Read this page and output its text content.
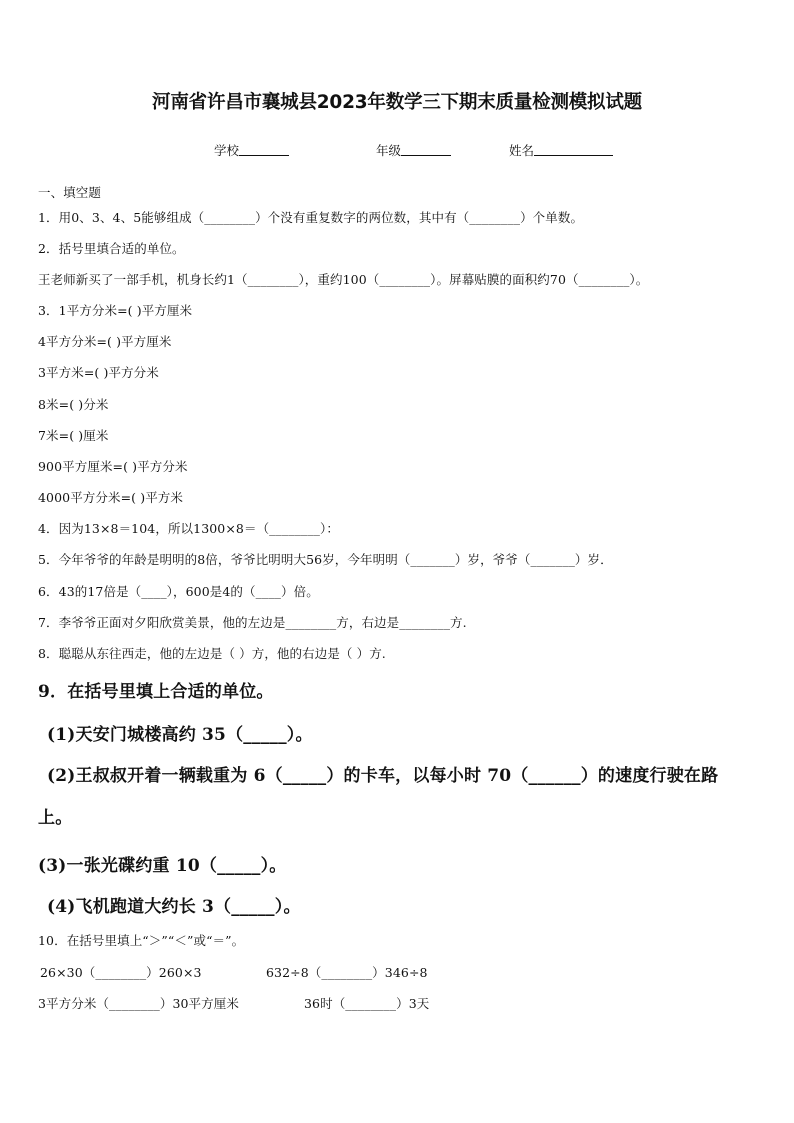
河南省许昌市襄城县2023年数学三下期末质量检测模拟试题
学校	年级	姓名
一、填空题
1．用0、3、4、5能够组成（________）个没有重复数字的两位数，其中有（________）个单数。
2．括号里填合适的单位。
王老师新买了一部手机，机身长约1（________），重约100（________）。屏幕贴膜的面积约70（________）。
3．1平方分米=( )平方厘米
4平方分米=( )平方厘米
3平方米=( )平方分米
8米=( )分米
7米=( )厘米
900平方厘米=( )平方分米
4000平方分米=( )平方米
4．因为13×8＝104，所以1300×8＝（________）：
5．今年爷爷的年龄是明明的8倍，爷爷比明明大56岁，今年明明（_______）岁，爷爷（_______）岁．
6．43的17倍是（____），600是4的（____）倍。
7．李爷爷正面对夕阳欣赏美景，他的左边是________方，右边是________方.
8．聪聪从东往西走，他的左边是（ ）方，他的右边是（ ）方.
9．在括号里填上合适的单位。
(1)天安门城楼高约 35（_____）。
(2)王叔叔开着一辆载重为 6（_____）的卡车，以每小时 70（______）的速度行驶在路
上。
(3)一张光碟约重 10（_____）。
(4)飞机跑道大约长 3（_____）。
10．在括号里填上“＞”“＜”或“＝”。
26×30（________）260×3	632÷8（________）346÷8
3平方分米（________）30平方厘米	36时（________）3天
